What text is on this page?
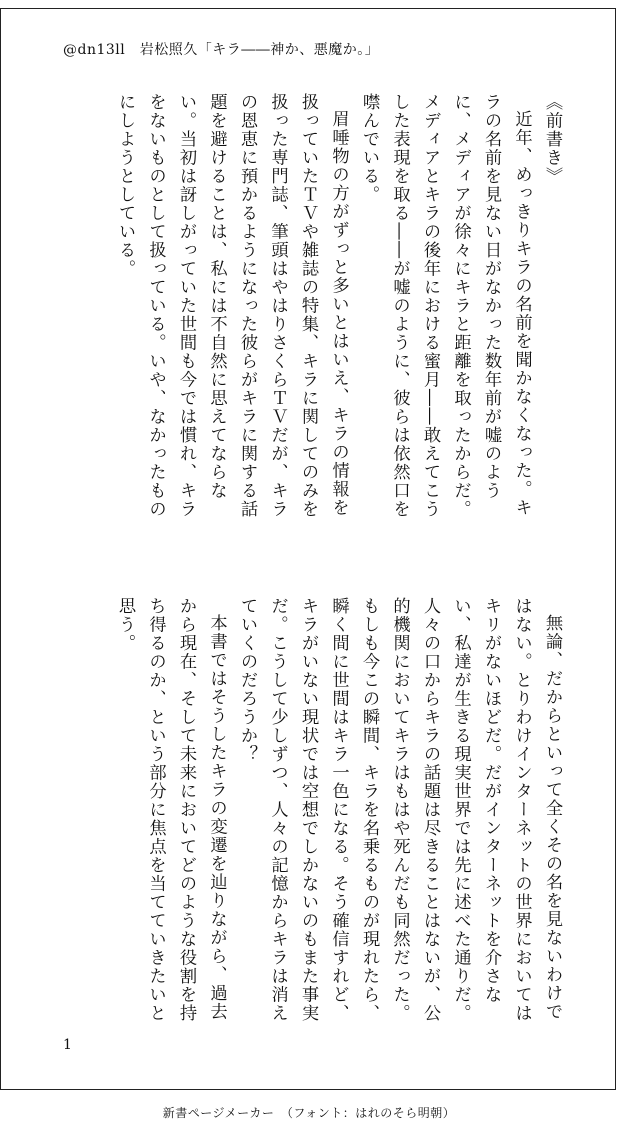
@dn13ll　岩松照久「キラ――神か、悪魔か。」

《前書き》

近年、めっきりキラの名前を聞かなくなった。キラの名前を見ない日がなかった数年前が嘘のように、メディアが徐々にキラと距離を取ったからだ。メディアとキラの後年における蜜月――敢えてこうした表現を取る――が嘘のように、彼らは依然口を噤んでいる。

眉唾物の方がずっと多いとはいえ、キラの情報を扱っていたＴＶや雑誌の特集、キラに関してのみを扱った専門誌、筆頭はやはりさくらＴＶだが、キラの恩恵に預かるようになった彼らがキラに関する話題を避けることは、私には不自然に思えてならない。当初は訝しがっていた世間も今では慣れ、キラをないものとして扱っている。いや、なかったものにしようとしている。

無論、だからといって全くその名を見ないわけではない。とりわけインターネットの世界においてはキリがないほどだ。だがインターネットを介さない、私達が生きる現実世界では先に述べた通りだ。人々の口からキラの話題は尽きることはないが、公的機関においてキラはもはや死んだも同然だった。もしも今この瞬間、キラを名乗るものが現れたら、瞬く間に世間はキラ一色になる。そう確信すれど、キラがいない現状では空想でしかないのもまた事実だ。こうして少しずつ、人々の記憶からキラは消えていくのだろうか？

本書ではそうしたキラの変遷を辿りながら、過去から現在、そして未来においてどのような役割を持ち得るのか、という部分に焦点を当てていきたいと思う。

1
新書ページメーカー　（フォント：はれのそら明朝）
